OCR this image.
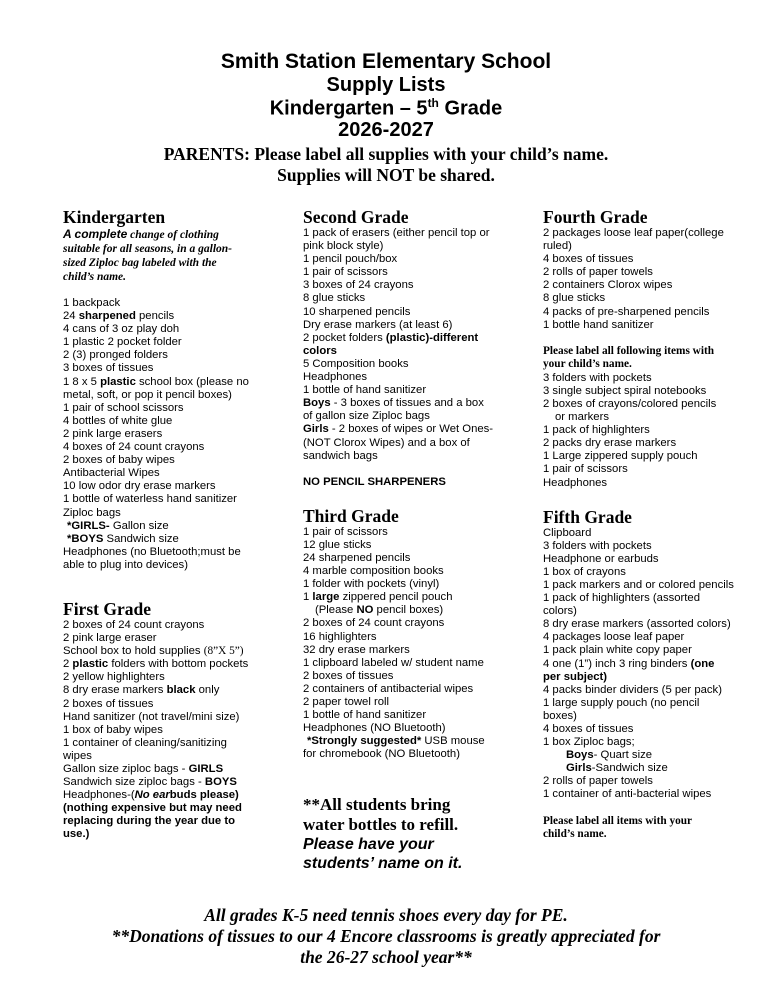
Smith Station Elementary School
Supply Lists
Kindergarten – 5th Grade
2026-2027
PARENTS: Please label all supplies with your child’s name.
Supplies will NOT be shared.
Kindergarten
A complete change of clothing
suitable for all seasons, in a gallon-
sized Ziploc bag labeled with the
child’s name.
1 backpack
24 sharpened pencils
4 cans of 3 oz play doh
1 plastic 2 pocket folder
2 (3) pronged folders
3 boxes of tissues
1 8 x 5 plastic school box (please no
metal, soft, or pop it pencil boxes)
1 pair of school scissors
4 bottles of white glue
2 pink large erasers
4 boxes of 24 count crayons
2 boxes of baby wipes
Antibacterial Wipes
10 low odor dry erase markers
1 bottle of waterless hand sanitizer
Ziploc bags
*GIRLS- Gallon size
*BOYS Sandwich size
Headphones (no Bluetooth;must be
able to plug into devices)
First Grade
2 boxes of 24 count crayons
2 pink large eraser
School box to hold supplies (8”X 5”)
2 plastic folders with bottom pockets
2 yellow highlighters
8 dry erase markers black only
2 boxes of tissues
Hand sanitizer (not travel/mini size)
1 box of baby wipes
1 container of cleaning/sanitizing
wipes
Gallon size ziploc bags - GIRLS
Sandwich size ziploc bags - BOYS
Headphones-(No earbuds please)
(nothing expensive but may need
replacing during the year due to
use.)
Second Grade
1 pack of erasers (either pencil top or
pink block style)
1 pencil pouch/box
1 pair of scissors
3 boxes of 24 crayons
8 glue sticks
10 sharpened pencils
Dry erase markers (at least 6)
2 pocket folders (plastic)-different
colors
5 Composition books
Headphones
1 bottle of hand sanitizer
Boys - 3 boxes of tissues and a box
of gallon size Ziploc bags
Girls - 2 boxes of wipes or Wet Ones-
(NOT Clorox Wipes) and a box of
sandwich bags
NO PENCIL SHARPENERS
Third Grade
1 pair of scissors
12 glue sticks
24 sharpened pencils
4 marble composition books
1 folder with pockets (vinyl)
1 large zippered pencil pouch
(Please NO pencil boxes)
2 boxes of 24 count crayons
16 highlighters
32 dry erase markers
1 clipboard labeled w/ student name
2 boxes of tissues
2 containers of antibacterial wipes
2 paper towel roll
1 bottle of hand sanitizer
Headphones (NO Bluetooth)
*Strongly suggested* USB mouse
for chromebook (NO Bluetooth)
**All students bring
water bottles to refill.
Please have your
students’ name on it.
Fourth Grade
2 packages loose leaf paper(college
ruled)
4 boxes of tissues
2 rolls of paper towels
2 containers Clorox wipes
8 glue sticks
4 packs of pre-sharpened pencils
1 bottle hand sanitizer
Please label all following items with
your child’s name.
3 folders with pockets
3 single subject spiral notebooks
2 boxes of crayons/colored pencils
or markers
1 pack of highlighters
2 packs dry erase markers
1 Large zippered supply pouch
1 pair of scissors
Headphones
Fifth Grade
Clipboard
3 folders with pockets
Headphone or earbuds
1 box of crayons
1 pack markers and or colored pencils
1 pack of highlighters (assorted
colors)
8 dry erase markers (assorted colors)
4 packages loose leaf paper
1 pack plain white copy paper
4 one (1”) inch 3 ring binders (one
per subject)
4 packs binder dividers (5 per pack)
1 large supply pouch (no pencil
boxes)
4 boxes of tissues
1 box Ziploc bags;
Boys- Quart size
Girls-Sandwich size
2 rolls of paper towels
1 container of anti-bacterial wipes
Please label all items with your
child’s name.
All grades K-5 need tennis shoes every day for PE.
**Donations of tissues to our 4 Encore classrooms is greatly appreciated for
the 26-27 school year**
